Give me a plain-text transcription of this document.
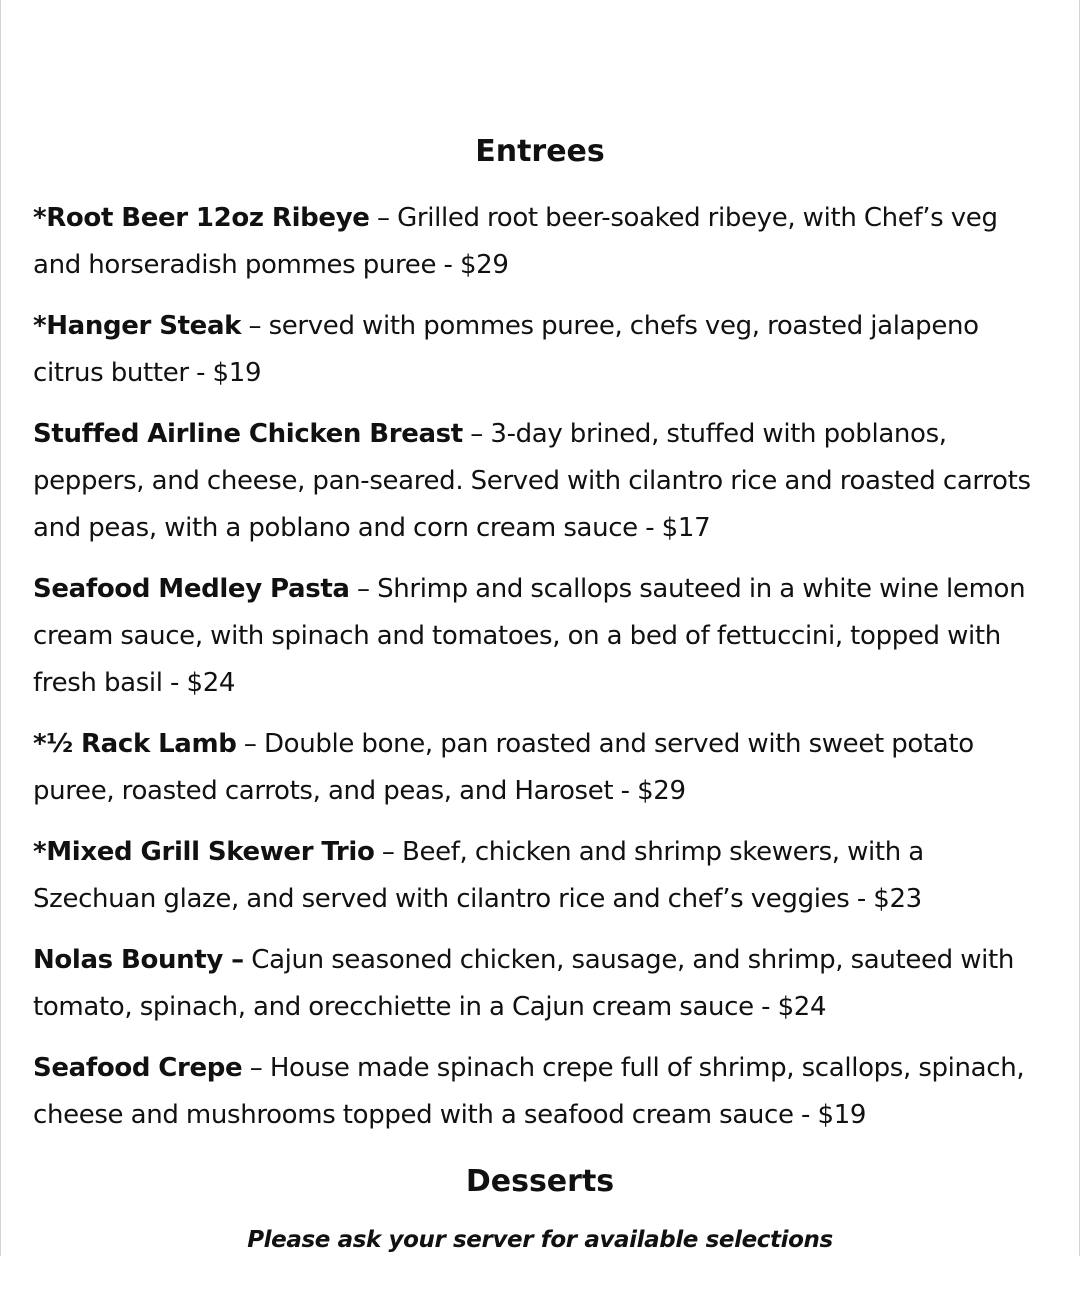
Entrees
*Root Beer 12oz Ribeye – Grilled root beer-soaked ribeye, with Chef’s veg and horseradish pommes puree - $29
*Hanger Steak – served with pommes puree, chefs veg, roasted jalapeno citrus butter - $19
Stuffed Airline Chicken Breast – 3-day brined, stuffed with poblanos, peppers, and cheese, pan-seared. Served with cilantro rice and roasted carrots and peas, with a poblano and corn cream sauce - $17
Seafood Medley Pasta – Shrimp and scallops sauteed in a white wine lemon cream sauce, with spinach and tomatoes, on a bed of fettuccini, topped with fresh basil - $24
*½ Rack Lamb – Double bone, pan roasted and served with sweet potato puree, roasted carrots, and peas, and Haroset - $29
*Mixed Grill Skewer Trio – Beef, chicken and shrimp skewers, with a Szechuan glaze, and served with cilantro rice and chef’s veggies - $23
Nolas Bounty – Cajun seasoned chicken, sausage, and shrimp, sauteed with tomato, spinach, and orecchiette in a Cajun cream sauce - $24
Seafood Crepe – House made spinach crepe full of shrimp, scallops, spinach, cheese and mushrooms topped with a seafood cream sauce - $19
Desserts

Please ask your server for available selections
